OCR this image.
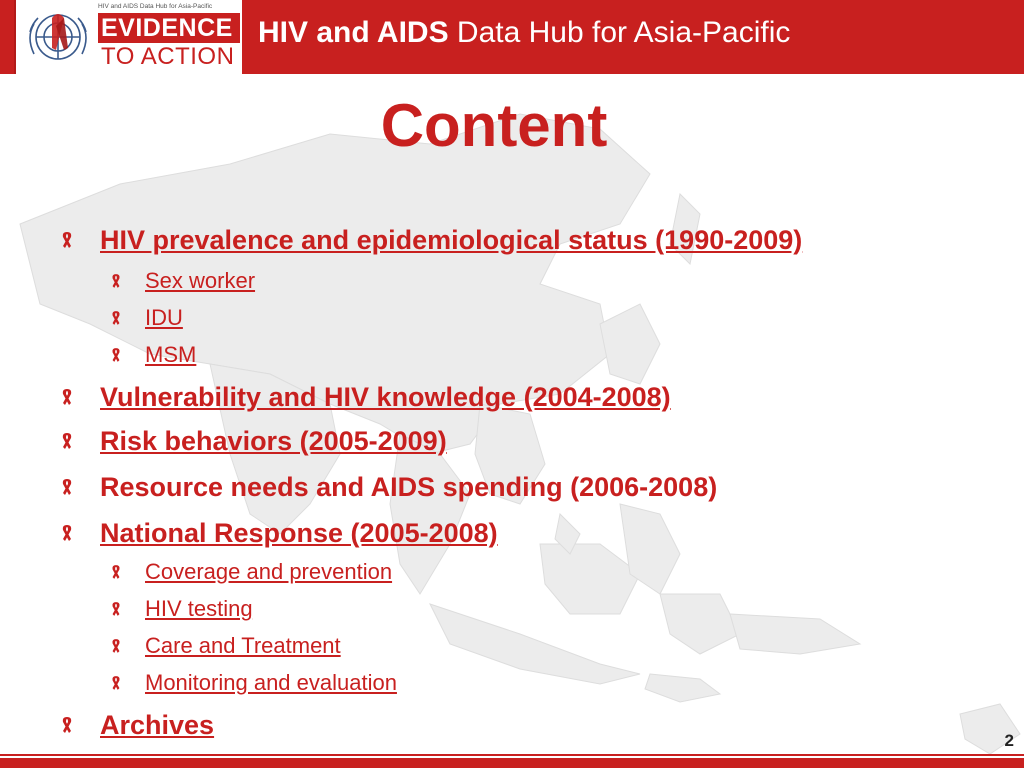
HIV and AIDS Data Hub for Asia-Pacific
EVIDENCE
TO ACTION
HIV and AIDS Data Hub for Asia-Pacific
Content
HIV prevalence and epidemiological status (1990-2009)
Sex worker
IDU
MSM
Vulnerability and HIV knowledge (2004-2008)
Risk behaviors (2005-2009)
Resource needs and AIDS spending (2006-2008)
National Response (2005-2008)
Coverage and prevention
HIV testing
Care and Treatment
Monitoring and evaluation
Archives
2
